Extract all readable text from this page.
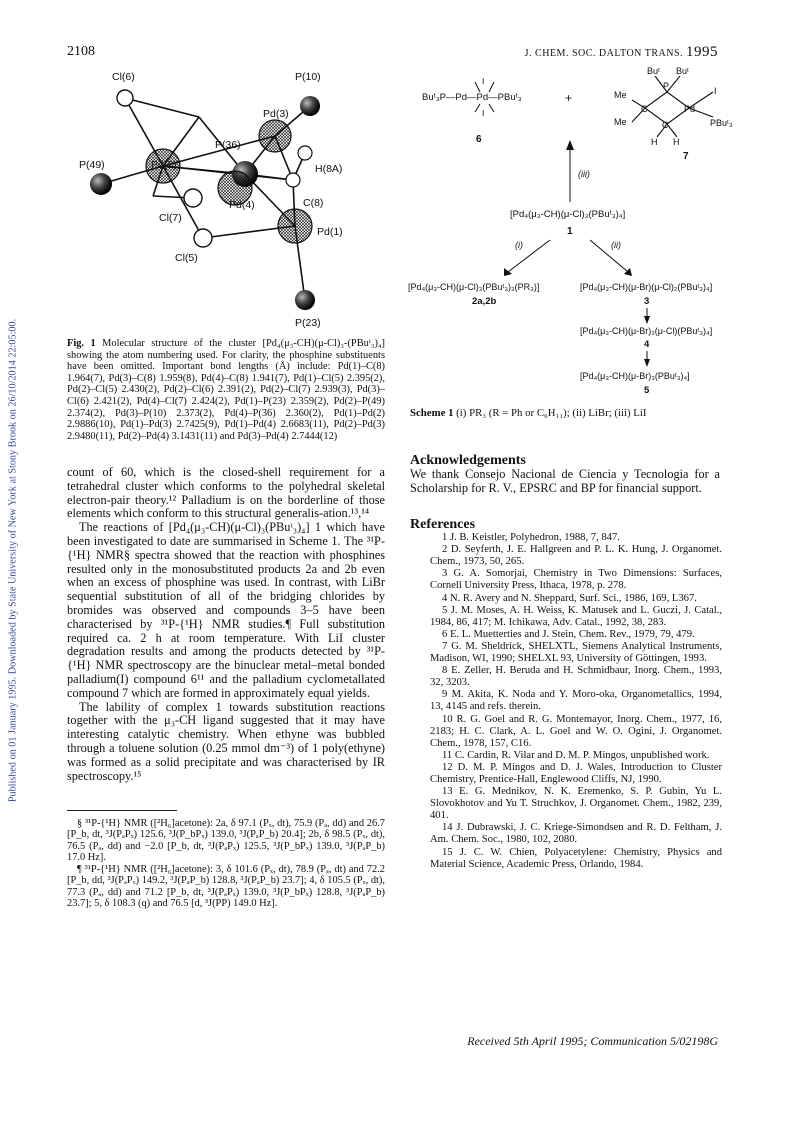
Published on 01 January 1995. Downloaded by State University of New York at Stony Brook on 26/10/2014 22:05:00.
2108	J. CHEM. SOC. DALTON TRANS. 1995
Cl(6)	P(10)
Pd(3)
P(36)
P(49)	Pd(2)	H(8A)
C(8)
Pd(4)
Cl(7)
Pd(1)
Cl(5)
P(23)
Fig. 1 Molecular structure of the cluster [Pd₄(μ₃-CH)(μ-Cl)₃-(PBuᵗ₃)₄] showing the atom numbering used. For clarity, the phosphine substituents have been omitted. Important bond lengths (Å) include: Pd(1)–C(8) 1.964(7), Pd(3)–C(8) 1.959(8), Pd(4)–C(8) 1.941(7), Pd(1)–Cl(5) 2.395(2), Pd(2)–Cl(5) 2.430(2), Pd(2)–Cl(6) 2.391(2), Pd(2)–Cl(7) 2.939(3), Pd(3)–Cl(6) 2.421(2), Pd(4)–Cl(7) 2.424(2), Pd(1)–P(23) 2.359(2), Pd(2)–P(49) 2.374(2), Pd(3)–P(10) 2.373(2), Pd(4)–P(36) 2.360(2), Pd(1)–Pd(2) 2.9886(10), Pd(1)–Pd(3) 2.7425(9), Pd(1)–Pd(4) 2.6683(11), Pd(2)–Pd(3) 2.9480(11), Pd(2)–Pd(4) 3.1431(11) and Pd(3)–Pd(4) 2.7444(12)

count of 60, which is the closed-shell requirement for a tetrahedral cluster which conforms to the polyhedral skeletal electron-pair theory.¹² Palladium is on the borderline of those elements which conform to this structural generalis-ation.¹³,¹⁴

The reactions of [Pd₄(μ₃-CH)(μ-Cl)₃(PBuᵗ₃)₄] 1 which have been investigated to date are summarised in Scheme 1. The ³¹P-{¹H} NMR§ spectra showed that the reaction with phosphines resulted only in the monosubstituted products 2a and 2b even when an excess of phosphine was used. In contrast, with LiBr sequential substitution of all of the bridging chlorides by bromides was observed and compounds 3–5 have been characterised by ³¹P-{¹H} NMR studies.¶ Full substitution required ca. 2 h at room temperature. With LiI cluster degradation results and among the products detected by ³¹P-{¹H} NMR spectroscopy are the binuclear metal–metal bonded palladium(I) compound 6¹¹ and the palladium cyclometallated compound 7 which are formed in approximately equal yields.

The lability of complex 1 towards substitution reactions together with the μ₃-CH ligand suggested that it may have interesting catalytic chemistry. When ethyne was bubbled through a toluene solution (0.25 mmol dm⁻³) of 1 poly(ethyne) was formed as a solid precipitate and was characterised by IR spectroscopy.¹⁵

§ ³¹P-{¹H} NMR ([²H₆]acetone): 2a, δ 97.1 (Pₓ, dt), 75.9 (Pₐ, dd) and 26.7 [P_b, dt, ³J(PₐPₓ) 125.6, ³J(P_bPₓ) 139.0, ³J(PₐP_b) 20.4]; 2b, δ 98.5 (Pₓ, dt), 76.5 (Pₐ, dd) and −2.0 [P_b, dt, ³J(PₐPₓ) 125.5, ³J(P_bPₓ) 139.0, ³J(PₐP_b) 17.0 Hz].

¶ ³¹P-{¹H} NMR ([²H₆]acetone): 3, δ 101.6 (Pₓ, dt), 78.9 (Pₐ, dt) and 72.2 [P_b, dd, ³J(PₐPₓ) 149.2, ³J(PₐP_b) 128.8, ³J(PₐP_b) 23.7]; 4, δ 105.5 (Pₓ, dt), 77.3 (Pₐ, dd) and 71.2 [P_b, dt, ³J(PₐPₓ) 139.0, ³J(P_bPₓ) 128.8, ³J(PₐP_b) 23.7]; 5, δ 108.3 (q) and 76.5 [d, ³J(PP) 149.0 Hz].

Buᵗ₃P—Pd—Pd—PBuᵗ₃
I
I
6
+
Buᵗ Buᵗ
P
Me
C	Pd
I
Me	C	PBuᵗ₃
H H
7
(iii)
[Pd₄(μ₃-CH)(μ-Cl)₃(PBuᵗ₃)₄]
1
(i)	(ii)
[Pd₄(μ₃-CH)(μ-Cl)₃(PBuᵗ₃)₃(PR₃)]
2a,2b
[Pd₄(μ₃-CH)(μ-Br)(μ-Cl)₂(PBuᵗ₃)₄]
3
[Pd₄(μ₃-CH)(μ-Br)₂(μ-Cl)(PBuᵗ₃)₄]
4
[Pd₄(μ₃-CH)(μ-Br)₃(PBuᵗ₃)₄]
5
Scheme 1 (i) PR₃ (R = Ph or C₆H₁₁); (ii) LiBr; (iii) LiI
Acknowledgements
We thank Consejo Nacional de Ciencia y Tecnologia for a Scholarship for R. V., EPSRC and BP for financial support.
References

1 J. B. Keistler, Polyhedron, 1988, 7, 847.

2 D. Seyferth, J. E. Hallgreen and P. L. K. Hung, J. Organomet. Chem., 1973, 50, 265.

3 G. A. Somorjai, Chemistry in Two Dimensions: Surfaces, Cornell University Press, Ithaca, 1978, p. 278.

4 N. R. Avery and N. Sheppard, Surf. Sci., 1986, 169, L367.

5 J. M. Moses, A. H. Weiss, K. Matusek and L. Guczi, J. Catal., 1984, 86, 417; M. Ichikawa, Adv. Catal., 1992, 38, 283.

6 E. L. Muetterties and J. Stein, Chem. Rev., 1979, 79, 479.

7 G. M. Sheldrick, SHELXTL, Siemens Analytical Instruments, Madison, WI, 1990; SHELXL 93, University of Göttingen, 1993.

8 E. Zeller, H. Beruda and H. Schmidbaur, Inorg. Chem., 1993, 32, 3203.

9 M. Akita, K. Noda and Y. Moro-oka, Organometallics, 1994, 13, 4145 and refs. therein.

10 R. G. Goel and R. G. Montemayor, Inorg. Chem., 1977, 16, 2183; H. C. Clark, A. L. Goel and W. O. Ogini, J. Organomet. Chem., 1978, 157, C16.

11 C. Cardin, R. Vilar and D. M. P. Mingos, unpublished work.

12 D. M. P. Mingos and D. J. Wales, Introduction to Cluster Chemistry, Prentice-Hall, Englewood Cliffs, NJ, 1990.

13 E. G. Mednikov, N. K. Eremenko, S. P. Gubin, Yu L. Slovokhotov and Yu T. Struchkov, J. Organomet. Chem., 1982, 239, 401.

14 J. Dubrawski, J. C. Kriege-Simondsen and R. D. Feltham, J. Am. Chem. Soc., 1980, 102, 2080.

15 J. C. W. Chien, Polyacetylene: Chemistry, Physics and Material Science, Academic Press, Orlando, 1984.

Received 5th April 1995; Communication 5/02198G
